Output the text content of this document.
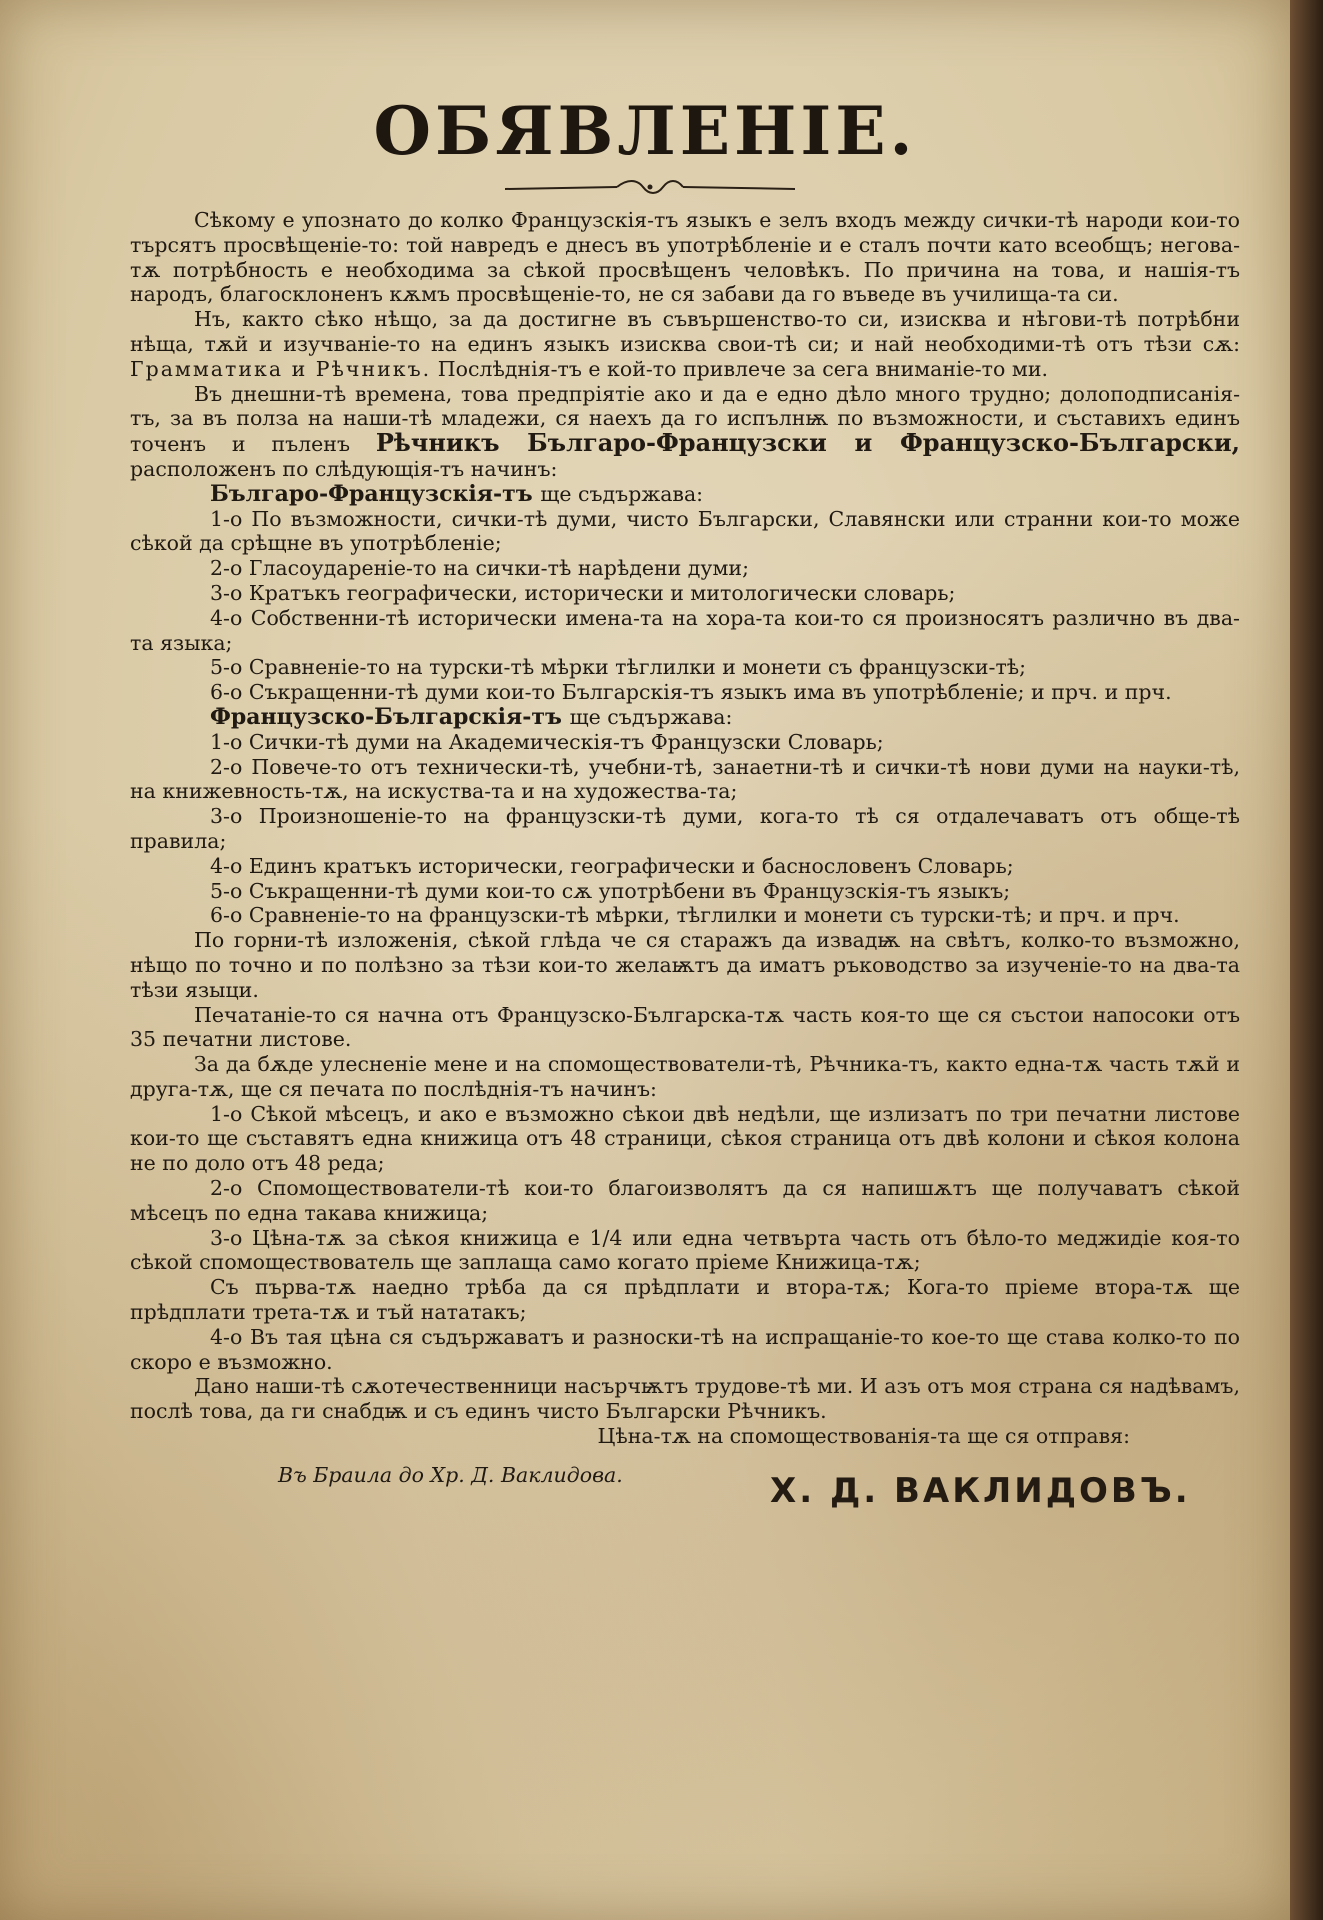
ОБЯВЛЕНІЕ.

Сѣкому е упознато до колко Французскія-тъ языкъ е зелъ входъ между сички-тѣ народи кои-то търсятъ просвѣщеніе-то: той навредъ е днесъ въ употрѣбленіе и е сталъ почти като всеобщъ; негова-тѫ потрѣбность е необходима за сѣкой просвѣщенъ человѣкъ. По причина на това, и нашія-тъ народъ, благосклоненъ кѫмъ просвѣщеніе-то, не ся забави да го въведе въ училища-та си.

Нъ, както сѣко нѣщо, за да достигне въ съвършенство-то си, изисква и нѣгови-тѣ потрѣбни нѣща, тѫй и изучваніе-то на единъ языкъ изисква свои-тѣ си; и най необходими-тѣ отъ тѣзи сѫ: Граммaтика и Рѣчникъ. Послѣднія-тъ е кой-то привлече за сега вниманіе-то ми.

Въ днешни-тѣ времена, това предпріятіе ако и да е едно дѣло много трудно; долоподписанія-тъ, за въ полза на наши-тѣ младежи, ся наехъ да го испълнѭ по възможности, и съставихъ единъ точенъ и пъленъ Рѣчникъ Българо-Французски и Французско-Български, расположенъ по слѣдующія-тъ начинъ:

Българо-Французскія-тъ ще съдържава:

1-о По възможности, сички-тѣ думи, чисто Български, Славянски или странни кои-то може сѣкой да срѣщне въ употрѣбленіе;

2-о Гласоудареніе-то на сички-тѣ нарѣдени думи;

3-о Кратъкъ географически, исторически и митологически словарь;

4-о Собственни-тѣ исторически имена-та на хора-та кои-то ся произносятъ различно въ два-та языка;

5-о Сравненіе-то на турски-тѣ мѣрки тѣглилки и монети съ французски-тѣ;

6-о Съкращенни-тѣ думи кои-то Българскія-тъ языкъ има въ употрѣбленіе; и прч. и прч.

Французско-Българскія-тъ ще съдържава:

1-о Сички-тѣ думи на Академическія-тъ Французски Словарь;

2-о Повече-то отъ технически-тѣ, учебни-тѣ, занаетни-тѣ и сички-тѣ нови думи на науки-тѣ, на книжевность-тѫ, на искуства-та и на художества-та;

3-о Произношеніе-то на французски-тѣ думи, кога-то тѣ ся отдалечаватъ отъ обще-тѣ правила;

4-о Единъ кратъкъ исторически, географически и баснословенъ Словарь;

5-о Съкращенни-тѣ думи кои-то сѫ употрѣбени въ Французскія-тъ языкъ;

6-о Сравненіе-то на французски-тѣ мѣрки, тѣглилки и монети съ турски-тѣ; и прч. и прч.

По горни-тѣ изложенія, сѣкой глѣда че ся старажъ да извадѭ на свѣтъ, колко-то възможно, нѣщо по точно и по полѣзно за тѣзи кои-то желаѭтъ да иматъ ръководство за изученіе-то на два-та тѣзи языци.

Печатаніе-то ся начна отъ Французско-Българска-тѫ часть коя-то ще ся състои напосоки отъ 35 печатни листове.

За да бѫде улесненіе мене и на спомоществователи-тѣ, Рѣчника-тъ, както една-тѫ часть тѫй и друга-тѫ, ще ся печата по послѣднія-тъ начинъ:

1-о Сѣкой мѣсецъ, и ако е възможно сѣкои двѣ недѣли, ще излизатъ по три печатни листове кои-то ще съставятъ една книжица отъ 48 страници, сѣкоя страница отъ двѣ колони и сѣкоя колона не по доло отъ 48 реда;

2-о Спомоществователи-тѣ кои-то благоизволятъ да ся напишѫтъ ще получаватъ сѣкой мѣсецъ по една такава книжица;

3-о Цѣна-тѫ за сѣкоя книжица е 1/4 или една четвърта часть отъ бѣло-то меджидіе коя-то сѣкой спомоществователь ще заплаща само когато пріеме Книжица-тѫ;

Съ първа-тѫ наедно трѣба да ся прѣдплати и втора-тѫ; Кога-то пріеме втора-тѫ ще прѣдплати трета-тѫ и тъй нататакъ;

4-о Въ тая цѣна ся съдържаватъ и разноски-тѣ на испращаніе-то кое-то ще става колко-то по скоро е възможно.

Дано наши-тѣ сѫотечественници насърчѭтъ трудове-тѣ ми. И азъ отъ моя страна ся надѣвамъ, послѣ това, да ги снабдѭ и съ единъ чисто Български Рѣчникъ.

Цѣна-тѫ на спомоществованія-та ще ся отправя:

Въ Браила до Хр. Д. Ваклидова.	Х. Д. ВАКЛИДОВЪ.
